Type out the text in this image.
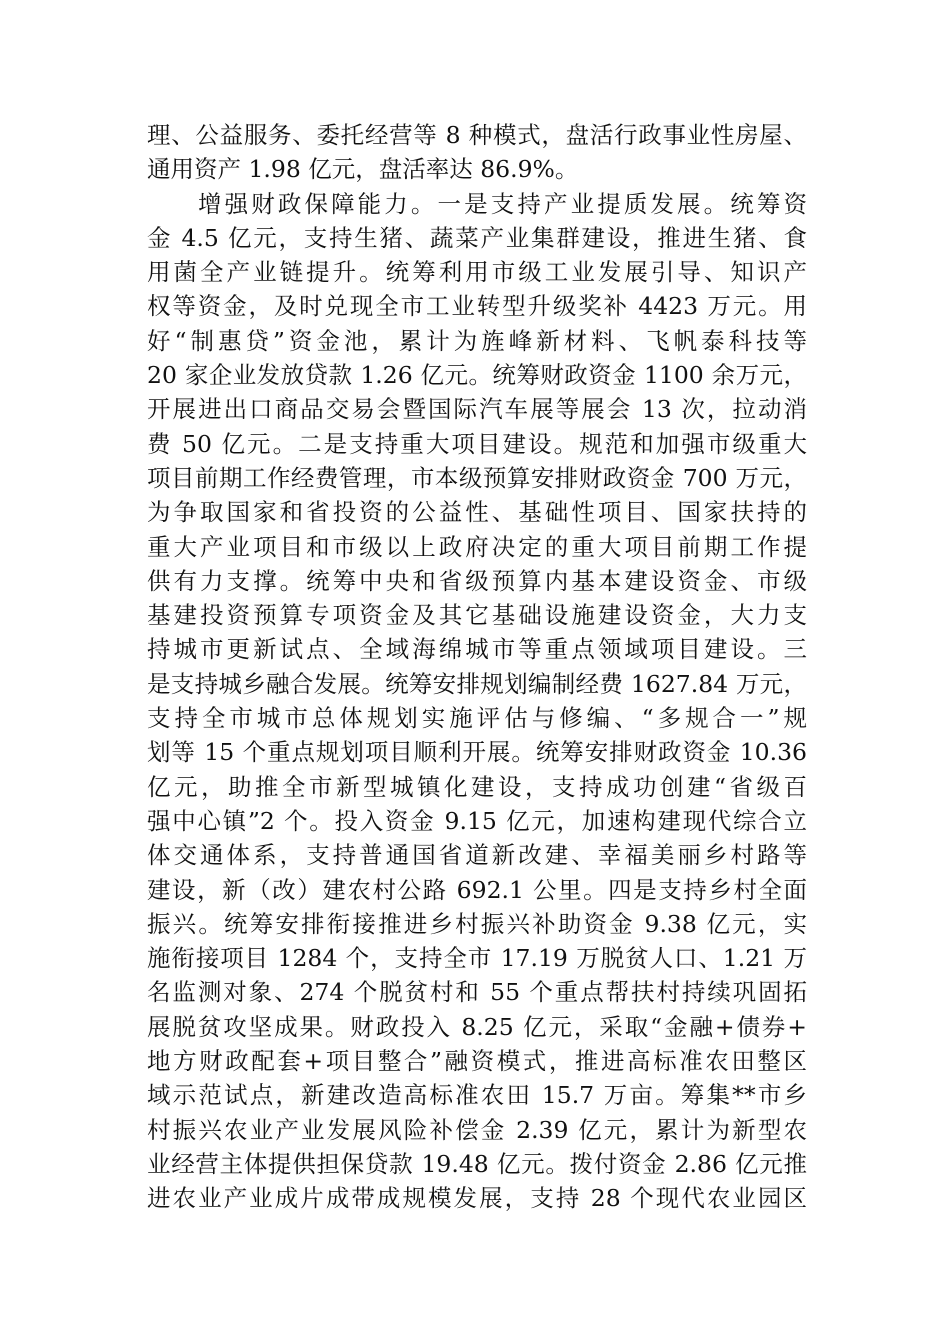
理、公益服务、委托经营等 8 种模式，盘活行政事业性房屋、
通用资产 1.98 亿元，盘活率达 86.9%。
增强财政保障能力。一是支持产业提质发展。统筹资
金 4.5 亿元，支持生猪、蔬菜产业集群建设，推进生猪、食
用菌全产业链提升。统筹利用市级工业发展引导、知识产
权等资金，及时兑现全市工业转型升级奖补 4423 万元。用
好“制惠贷”资金池，累计为旌峰新材料、飞帆泰科技等
20 家企业发放贷款 1.26 亿元。统筹财政资金 1100 余万元，
开展进出口商品交易会暨国际汽车展等展会 13 次，拉动消
费 50 亿元。二是支持重大项目建设。规范和加强市级重大
项目前期工作经费管理，市本级预算安排财政资金 700 万元，
为争取国家和省投资的公益性、基础性项目、国家扶持的
重大产业项目和市级以上政府决定的重大项目前期工作提
供有力支撑。统筹中央和省级预算内基本建设资金、市级
基建投资预算专项资金及其它基础设施建设资金，大力支
持城市更新试点、全域海绵城市等重点领域项目建设。三
是支持城乡融合发展。统筹安排规划编制经费 1627.84 万元，
支持全市城市总体规划实施评估与修编、“多规合一”规
划等 15 个重点规划项目顺利开展。统筹安排财政资金 10.36
亿元，助推全市新型城镇化建设，支持成功创建“省级百
强中心镇”2 个。投入资金 9.15 亿元，加速构建现代综合立
体交通体系，支持普通国省道新改建、幸福美丽乡村路等
建设，新（改）建农村公路 692.1 公里。四是支持乡村全面
振兴。统筹安排衔接推进乡村振兴补助资金 9.38 亿元，实
施衔接项目 1284 个，支持全市 17.19 万脱贫人口、1.21 万
名监测对象、274 个脱贫村和 55 个重点帮扶村持续巩固拓
展脱贫攻坚成果。财政投入 8.25 亿元，采取“金融+债券+
地方财政配套+项目整合”融资模式，推进高标准农田整区
域示范试点，新建改造高标准农田 15.7 万亩。筹集**市乡
村振兴农业产业发展风险补偿金 2.39 亿元，累计为新型农
业经营主体提供担保贷款 19.48 亿元。拨付资金 2.86 亿元推
进农业产业成片成带成规模发展，支持 28 个现代农业园区
